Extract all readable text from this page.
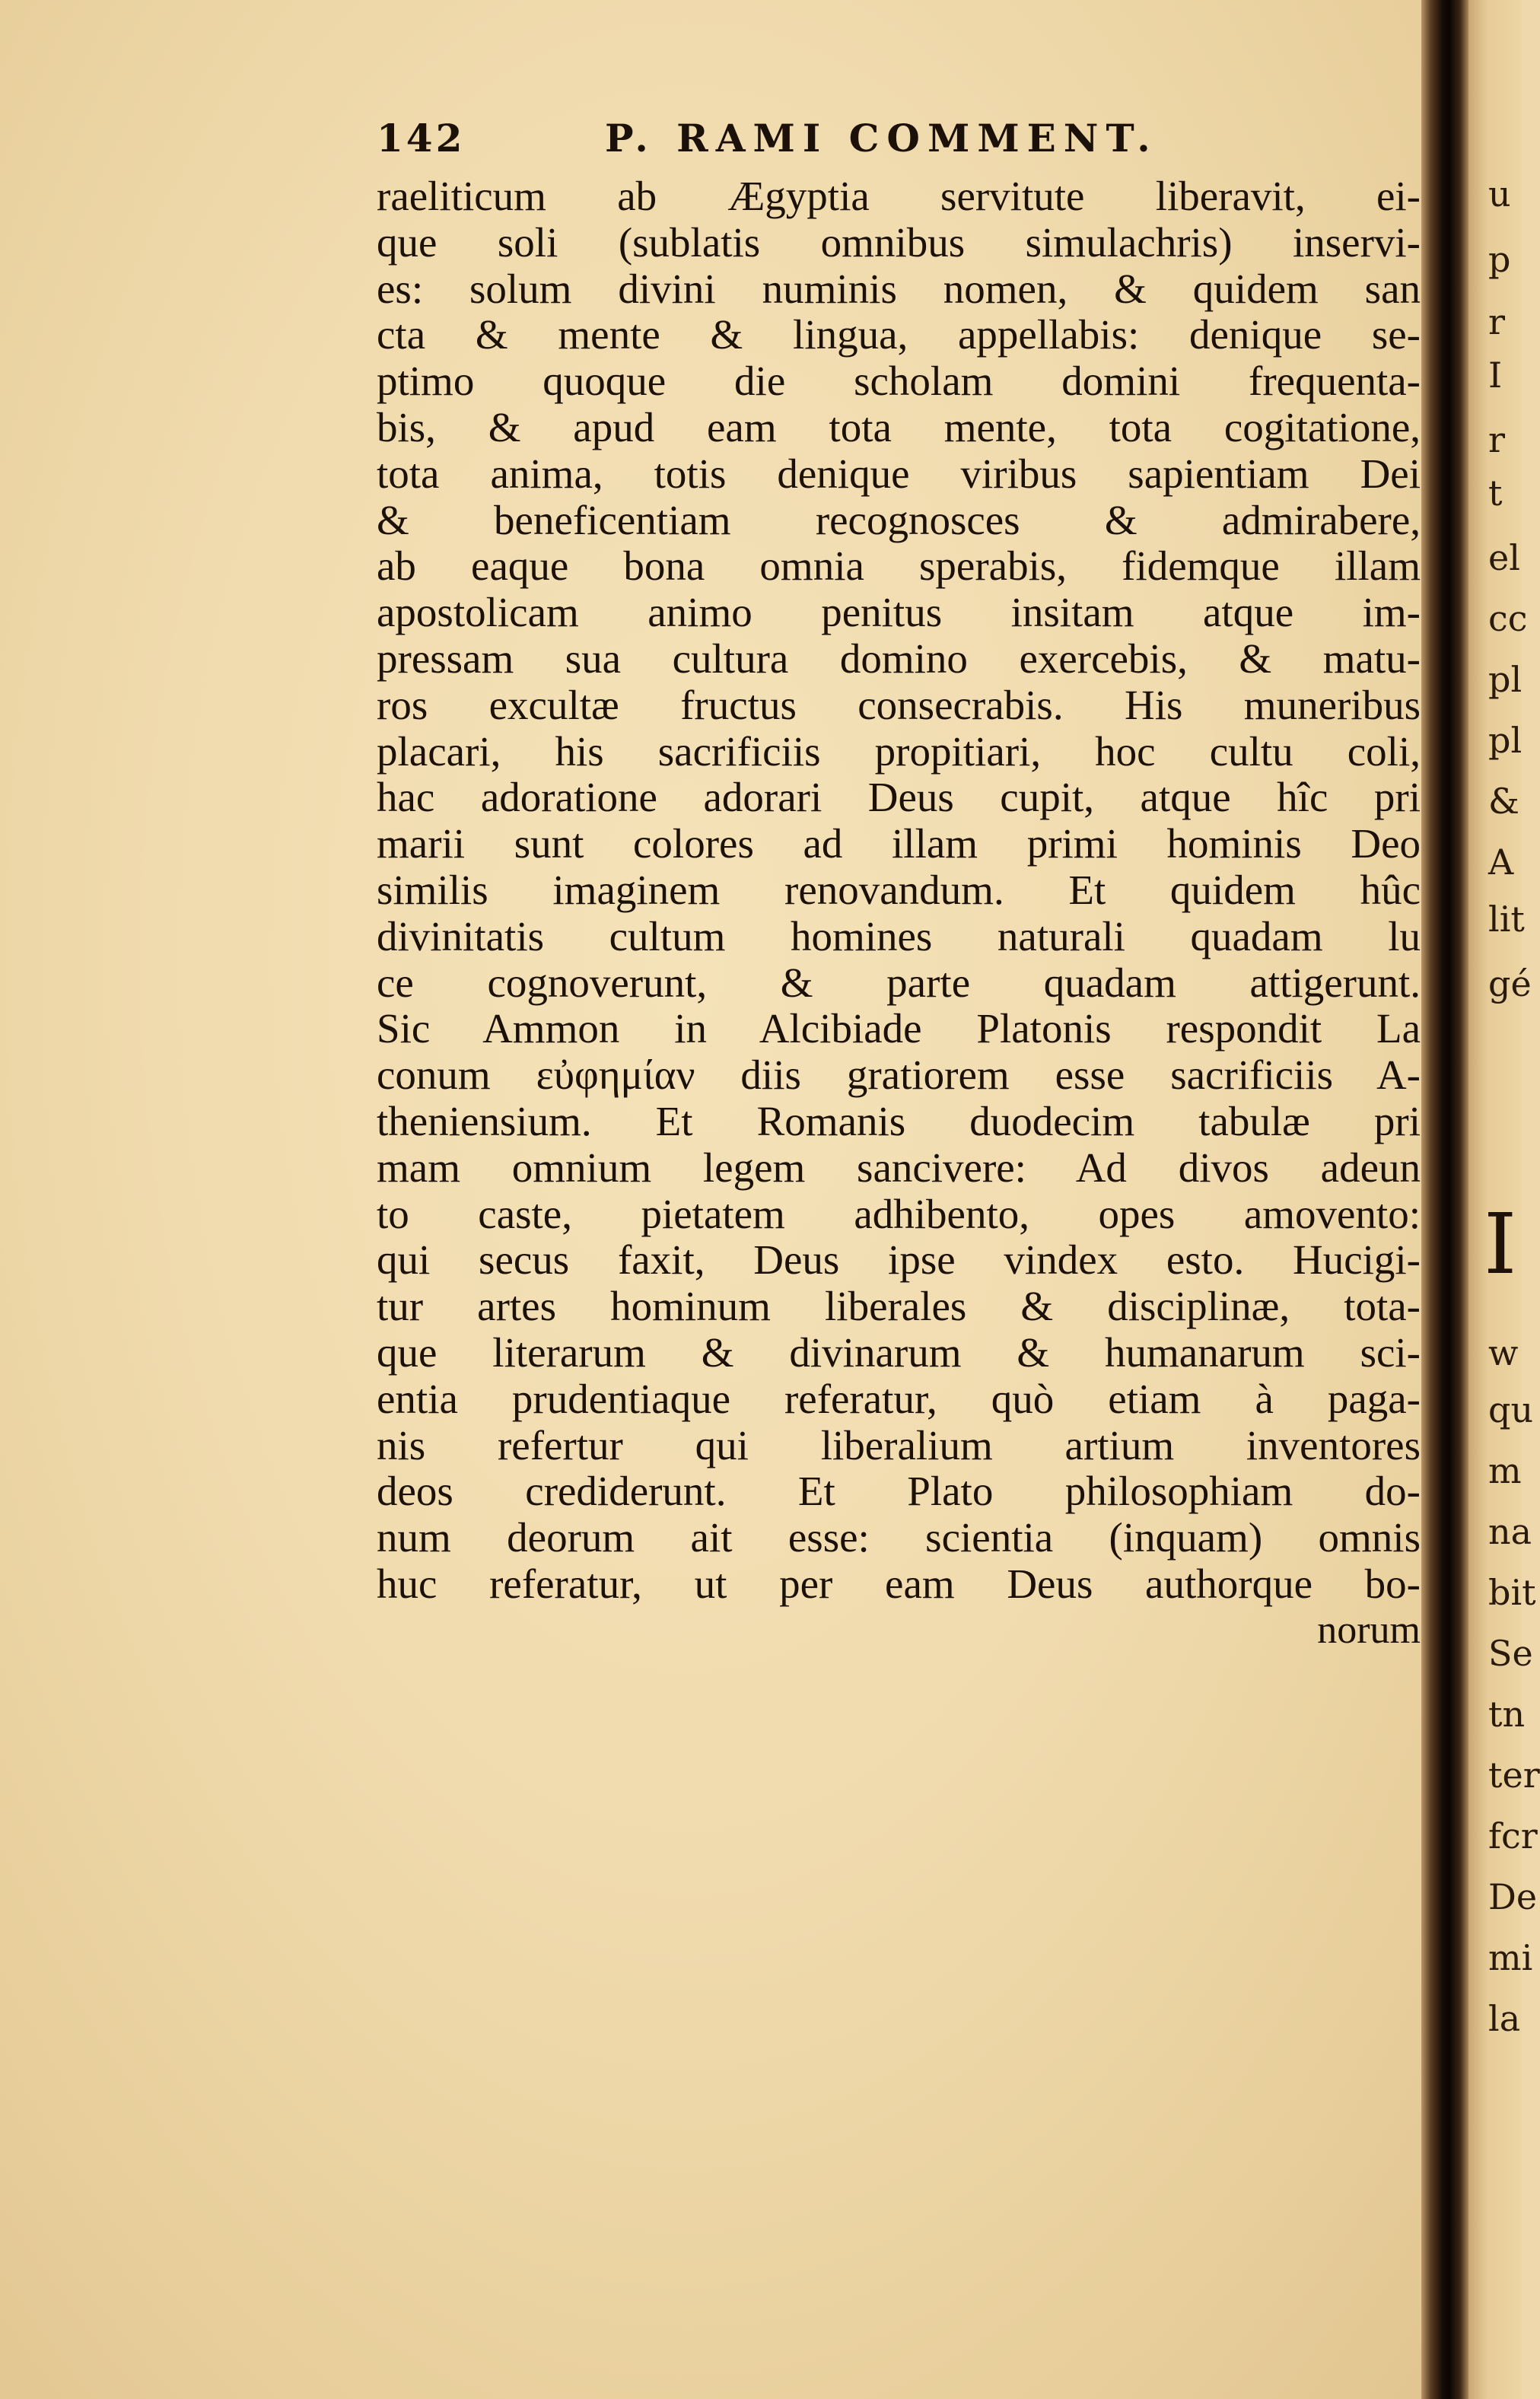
142	P. RAMI COMMENT.
raeliticum ab Ægyptia servitute liberavit, ei-
que soli (sublatis omnibus simulachris) inservi-
es: solum divini numinis nomen, & quidem san
cta & mente & lingua, appellabis: denique se-
ptimo quoque die scholam domini frequenta-
bis, & apud eam tota mente, tota cogitatione,
tota anima, totis denique viribus sapientiam Dei
& beneficentiam recognosces & admirabere,
ab eaque bona omnia sperabis, fidemque illam
apostolicam animo penitus insitam atque im-
pressam sua cultura domino exercebis, & matu-
ros excultæ fructus consecrabis. His muneribus
placari, his sacrificiis propitiari, hoc cultu coli,
hac adoratione adorari Deus cupit, atque hîc pri
marii sunt colores ad illam primi hominis Deo
similis imaginem renovandum. Et quidem hûc
divinitatis cultum homines naturali quadam lu
ce cognoverunt, & parte quadam attigerunt.
Sic Ammon in Alcibiade Platonis respondit La
conum εὐφημίαν diis gratiorem esse sacrificiis A-
theniensium. Et Romanis duodecim tabulæ pri
mam omnium legem sancivere: Ad divos adeun
to caste, pietatem adhibento, opes amovento:
qui secus faxit, Deus ipse vindex esto. Hucigi-
tur artes hominum liberales & disciplinæ, tota-
que literarum & divinarum & humanarum sci-
entia prudentiaque referatur, quò etiam à paga-
nis refertur qui liberalium artium inventores
deos crediderunt. Et Plato philosophiam do-
num deorum ait esse: scientia (inquam) omnis
huc referatur, ut per eam Deus authorque bo-
norum
u
p
r
I
r
t
el
cc
pl
pl
&
A
lit
gé
I
w
qu
m
na
bit
Se
tn
ter
fcr
De
mi
la
